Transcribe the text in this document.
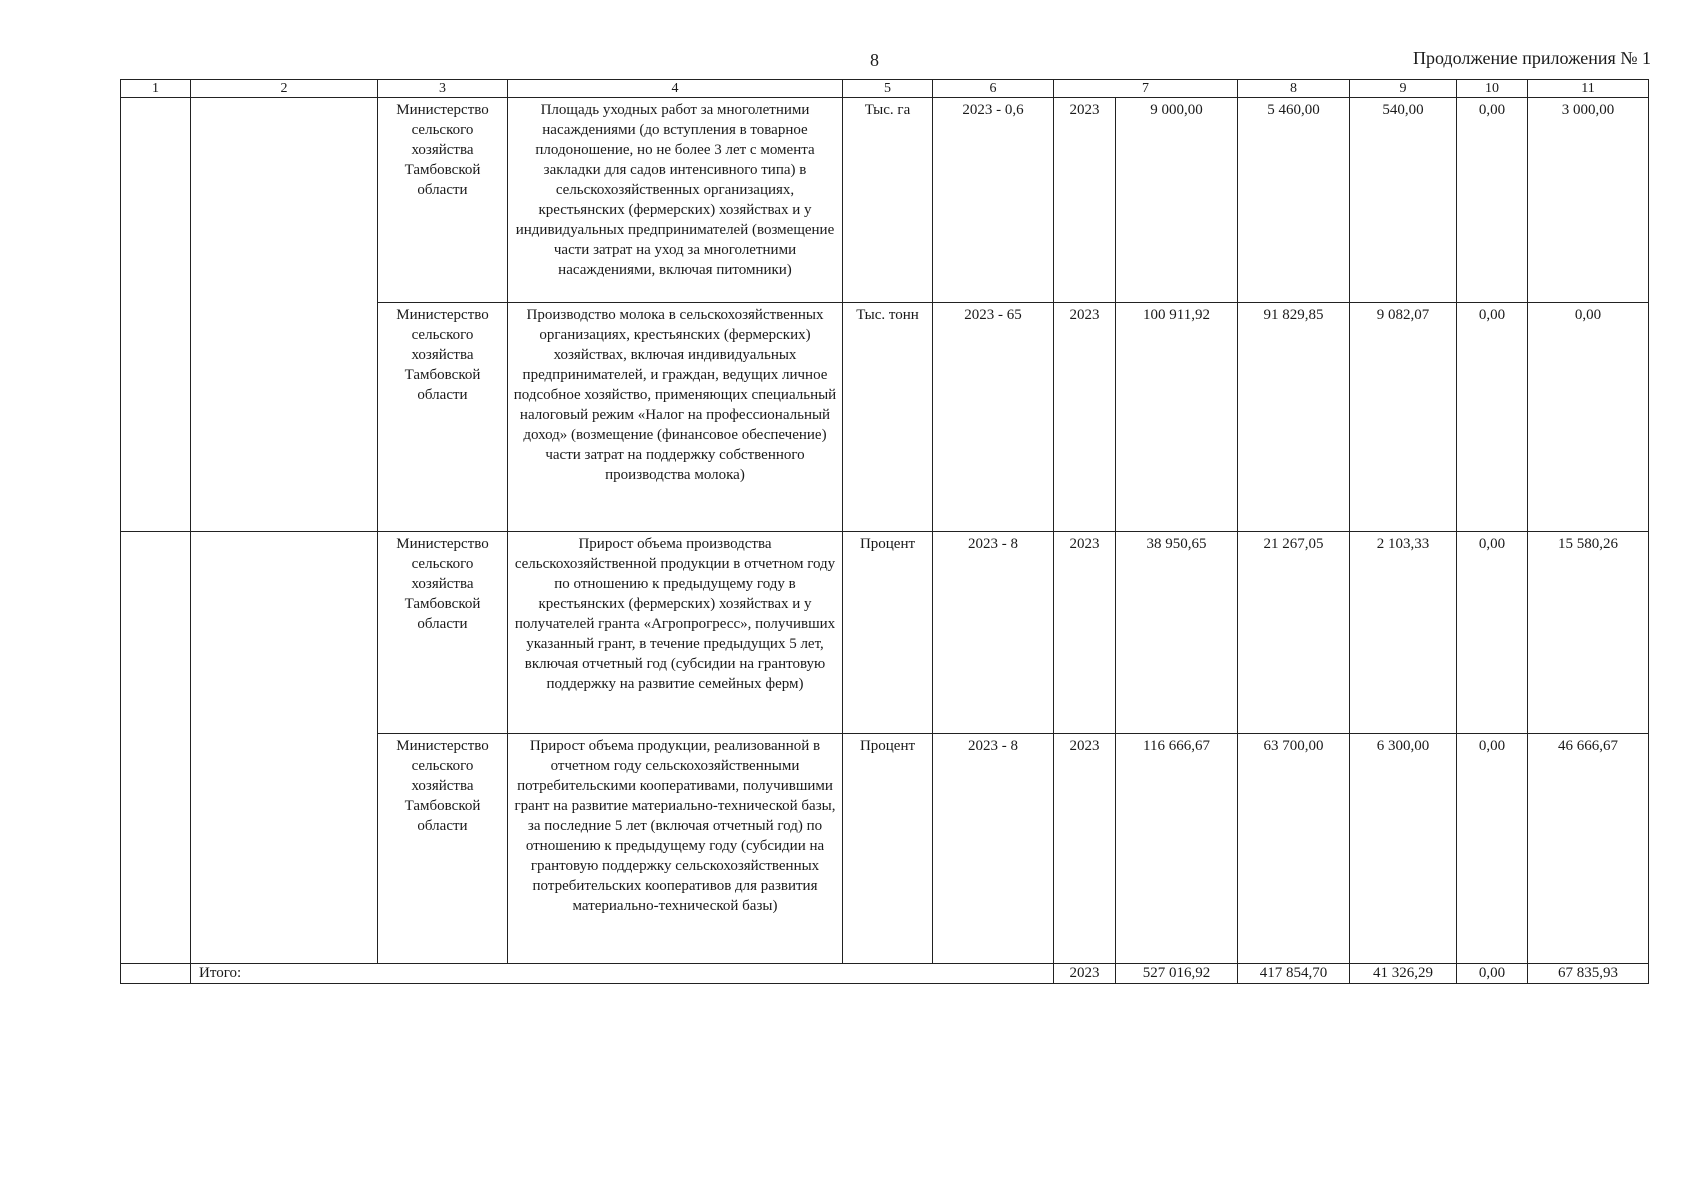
8	Продолжение приложения № 1
1	2	3	4	5	6	7		8	9	10	11
		Министерство сельского хозяйства Тамбовской области	Площадь уходных работ за многолетними насаждениями (до вступления в товарное плодоношение, но не более 3 лет с момента закладки для садов интенсивного типа) в сельскохозяйственных организациях, крестьянских (фермерских) хозяйствах и у индивидуальных предпринимателей (возмещение части затрат на уход за многолетними насаждениями, включая питомники)	Тыс. га	2023 - 0,6	2023	9 000,00	5 460,00	540,00	0,00	3 000,00
		Министерство сельского хозяйства Тамбовской области	Производство молока в сельскохозяйственных организациях, крестьянских (фермерских) хозяйствах, включая индивидуальных предпринимателей, и граждан, ведущих личное подсобное хозяйство, применяющих специальный налоговый режим «Налог на профессиональный доход» (возмещение (финансовое обеспечение) части затрат на поддержку собственного производства молока)	Тыс. тонн	2023 - 65	2023	100 911,92	91 829,85	9 082,07	0,00	0,00
		Министерство сельского хозяйства Тамбовской области	Прирост объема производства сельскохозяйственной продукции в отчетном году по отношению к предыдущему году в крестьянских (фермерских) хозяйствах и у получателей гранта «Агропрогресс», получивших указанный грант, в течение предыдущих 5 лет, включая отчетный год (субсидии на грантовую поддержку на развитие семейных ферм)	Процент	2023 - 8	2023	38 950,65	21 267,05	2 103,33	0,00	15 580,26
		Министерство сельского хозяйства Тамбовской области	Прирост объема продукции, реализованной в отчетном году сельскохозяйственными потребительскими кооперативами, получившими грант на развитие материально-технической базы, за последние 5 лет (включая отчетный год) по отношению к предыдущему году (субсидии на грантовую поддержку сельскохозяйственных потребительских кооперативов для развития материально-технической базы)	Процент	2023 - 8	2023	116 666,67	63 700,00	6 300,00	0,00	46 666,67
	Итого:					2023	527 016,92	417 854,70	41 326,29	0,00	67 835,93
